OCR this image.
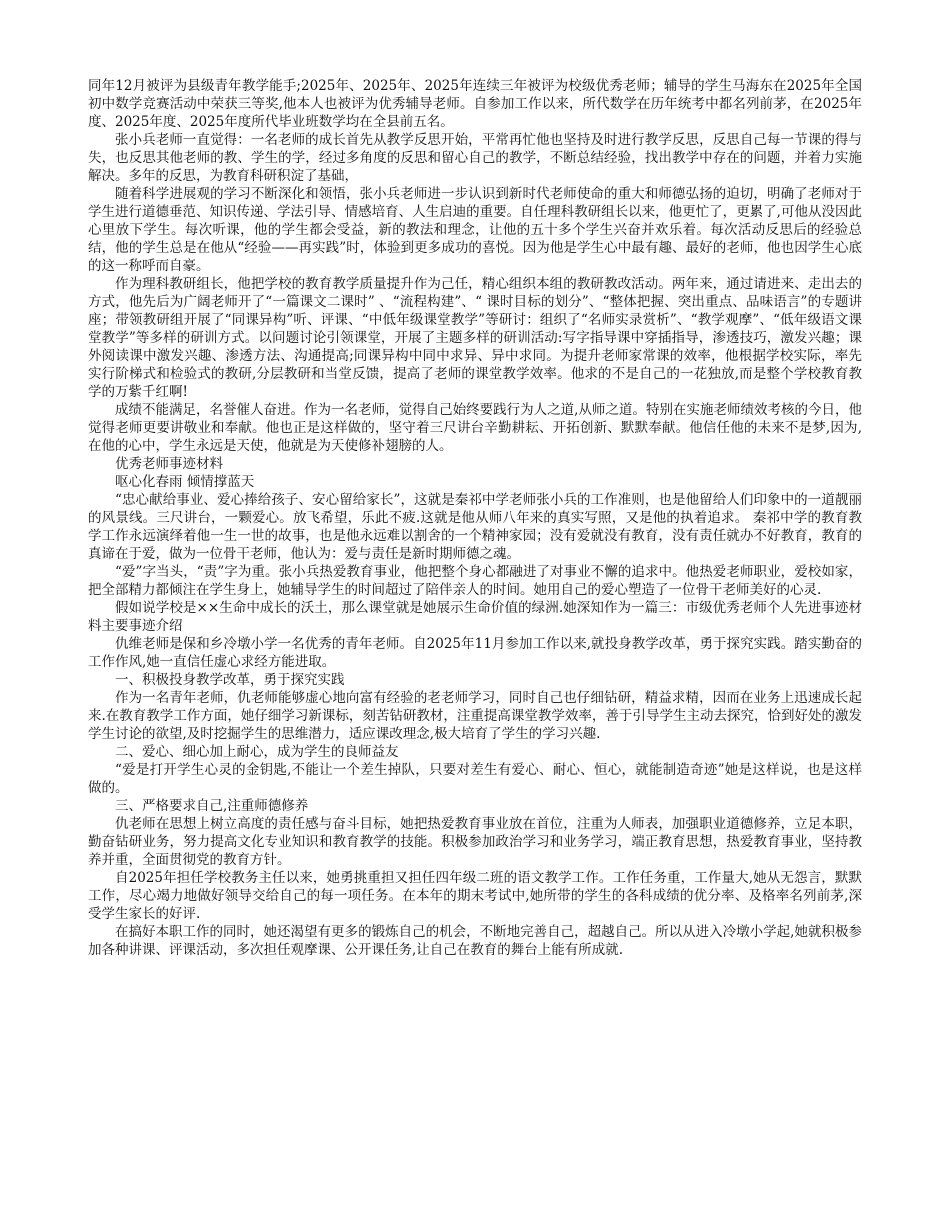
同年12月被评为县级青年教学能手;2025年、2025年、2025年连续三年被评为校级优秀老师；辅导的学生马海东在2025年全国初中数学竞赛活动中荣获三等奖,他本人也被评为优秀辅导老师。自参加工作以来，所代数学在历年统考中都名列前茅，在2025年度、2025年度、2025年度所代毕业班数学均在全县前五名。

张小兵老师一直觉得：一名老师的成长首先从教学反思开始，平常再忙他也坚持及时进行教学反思，反思自己每一节课的得与失，也反思其他老师的教、学生的学，经过多角度的反思和留心自己的教学，不断总结经验，找出教学中存在的问题，并着力实施解决。多年的反思，为教育科研积淀了基础，

随着科学进展观的学习不断深化和领悟，张小兵老师进一步认识到新时代老师使命的重大和师德弘扬的迫切，明确了老师对于学生进行道德垂范、知识传递、学法引导、情感培育、人生启迪的重要。自任理科教研组长以来，他更忙了，更累了,可他从没因此心里放下学生。每次听课，他的学生都会受益，新的教法和理念，让他的五十多个学生兴奋并欢乐着。每次活动反思后的经验总结，他的学生总是在他从“经验——再实践”时，体验到更多成功的喜悦。因为他是学生心中最有趣、最好的老师，他也因学生心底的这一称呼而自豪。

作为理科教研组长，他把学校的教育教学质量提升作为己任，精心组织本组的教研教改活动。两年来，通过请进来、走出去的方式，他先后为广阔老师开了“一篇课文二课时” 、“流程构建”、“ 课时目标的划分”、“整体把握、突出重点、品味语言”的专题讲座；带领教研组开展了“同课异构”听、评课、“中低年级课堂教学”等研讨：组织了“名师实录赏析”、“教学观摩”、“低年级语文课堂教学”等多样的研训方式。以问题讨论引领课堂，开展了主题多样的研训活动:写字指导课中穿插指导，渗透技巧，激发兴趣；课外阅读课中激发兴趣、渗透方法、沟通提高;同课异构中同中求异、异中求同。为提升老师家常课的效率，他根据学校实际，率先实行阶梯式和检验式的教研,分层教研和当堂反馈，提高了老师的课堂教学效率。他求的不是自己的一花独放,而是整个学校教育教学的万紫千红啊!

成绩不能满足，名誉催人奋进。作为一名老师，觉得自己始终要践行为人之道,从师之道。特别在实施老师绩效考核的今日，他觉得老师更要讲敬业和奉献。他也正是这样做的，坚守着三尺讲台辛勤耕耘、开拓创新、默默奉献。他信任他的未来不是梦,因为,在他的心中，学生永远是天使，他就是为天使修补翅膀的人。

优秀老师事迹材料

呕心化春雨 倾情撑蓝天

“忠心献给事业、爱心捧给孩子、安心留给家长”，这就是秦祁中学老师张小兵的工作准则，也是他留给人们印象中的一道靓丽的风景线。三尺讲台，一颗爱心。放飞希望，乐此不疲.这就是他从师八年来的真实写照，又是他的执着追求。 秦祁中学的教育教学工作永远演绎着他一生一世的故事，也是他永远难以割舍的一个精神家园；没有爱就没有教育，没有责任就办不好教育，教育的真谛在于爱，做为一位骨干老师，他认为：爱与责任是新时期师德之魂。

“爱”字当头，“责”字为重。张小兵热爱教育事业，他把整个身心都融进了对事业不懈的追求中。他热爱老师职业，爱校如家，把全部精力都倾注在学生身上，她辅导学生的时间超过了陪伴亲人的时间。她用自己的爱心塑造了一位骨干老师美好的心灵.

假如说学校是××生命中成长的沃土，那么课堂就是她展示生命价值的绿洲.她深知作为一篇三：市级优秀老师个人先进事迹材料主要事迹介绍

仇维老师是保和乡冷墩小学一名优秀的青年老师。自2025年11月参加工作以来,就投身教学改革，勇于探究实践。踏实勤奋的工作作风,她一直信任虚心求经方能进取。

一、积极投身教学改革，勇于探究实践

作为一名青年老师，仇老师能够虚心地向富有经验的老老师学习，同时自己也仔细钻研，精益求精，因而在业务上迅速成长起来.在教育教学工作方面，她仔细学习新课标，刻苦钻研教材，注重提高课堂教学效率，善于引导学生主动去探究，恰到好处的激发学生讨论的欲望,及时挖掘学生的思维潜力，适应课改理念,极大培育了学生的学习兴趣.

二、爱心、细心加上耐心，成为学生的良师益友

“爱是打开学生心灵的金钥匙,不能让一个差生掉队，只要对差生有爱心、耐心、恒心，就能制造奇迹”她是这样说，也是这样做的。

三、严格要求自己,注重师德修养

仇老师在思想上树立高度的责任感与奋斗目标，她把热爱教育事业放在首位，注重为人师表，加强职业道德修养，立足本职，勤奋钻研业务，努力提高文化专业知识和教育教学的技能。积极参加政治学习和业务学习，端正教育思想，热爱教育事业，坚持教养并重，全面贯彻党的教育方针。

自2025年担任学校教务主任以来，她勇挑重担又担任四年级二班的语文教学工作。工作任务重，工作量大,她从无怨言，默默工作，尽心竭力地做好领导交给自己的每一项任务。在本年的期末考试中,她所带的学生的各科成绩的优分率、及格率名列前茅,深受学生家长的好评.

在搞好本职工作的同时，她还渴望有更多的锻炼自己的机会，不断地完善自己，超越自己。所以从进入冷墩小学起,她就积极参加各种讲课、评课活动，多次担任观摩课、公开课任务,让自己在教育的舞台上能有所成就.
